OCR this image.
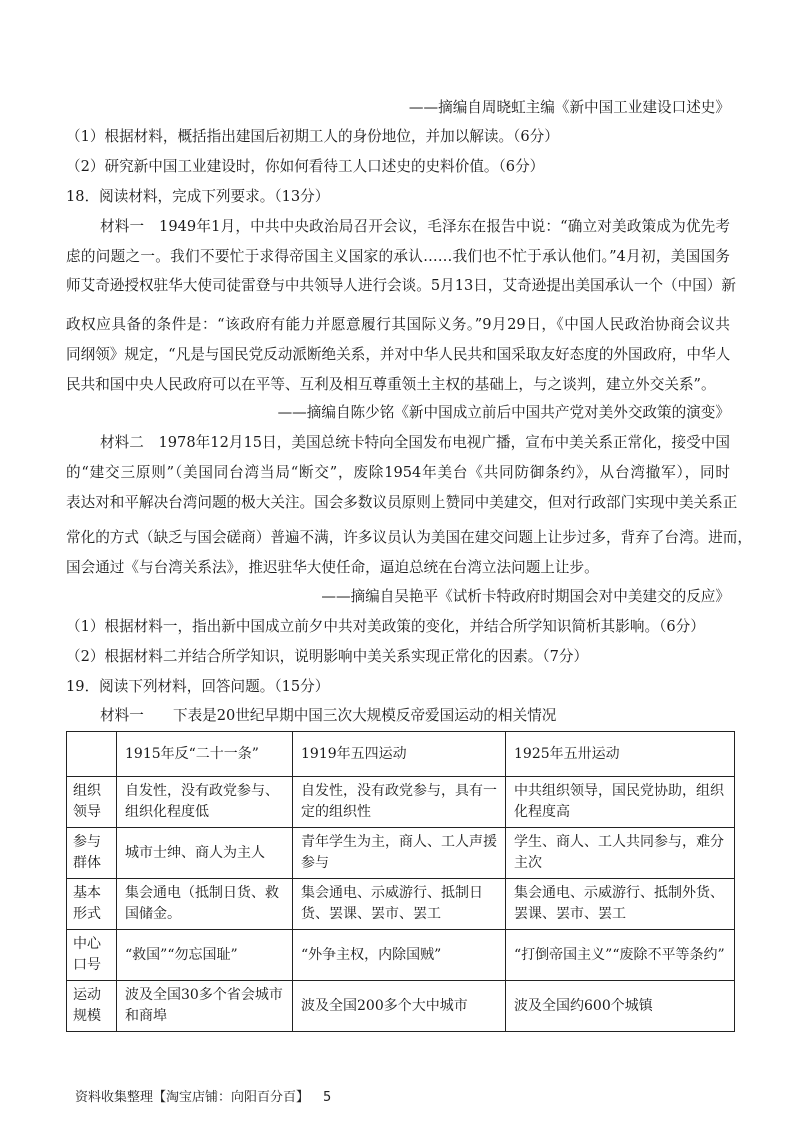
——摘编自周晓虹主编《新中国工业建设口述史》
（1）根据材料，概括指出建国后初期工人的身份地位，并加以解读。（6分）
（2）研究新中国工业建设时，你如何看待工人口述史的史料价值。（6分）
18．阅读材料，完成下列要求。（13分）
材料一　1949年1月，中共中央政治局召开会议，毛泽东在报告中说：“确立对美政策成为优先考
虑的问题之一。我们不要忙于求得帝国主义国家的承认……我们也不忙于承认他们。”4月初，美国国务
师艾奇逊授权驻华大使司徒雷登与中共领导人进行会谈。5月13日，艾奇逊提出美国承认一个（中国）新
政权应具备的条件是：“该政府有能力并愿意履行其国际义务。”9月29日，《中国人民政治协商会议共
同纲领》规定，“凡是与国民党反动派断绝关系，并对中华人民共和国采取友好态度的外国政府，中华人
民共和国中央人民政府可以在平等、互利及相互尊重领土主权的基础上，与之谈判，建立外交关系”。
——摘编自陈少铭《新中国成立前后中国共产党对美外交政策的演变》
材料二　1978年12月15日，美国总统卡特向全国发布电视广播，宣布中美关系正常化，接受中国
的“建交三原则”（美国同台湾当局“断交”，废除1954年美台《共同防御条约》，从台湾撤军），同时
表达对和平解决台湾问题的极大关注。国会多数议员原则上赞同中美建交，但对行政部门实现中美关系正
常化的方式（缺乏与国会磋商）普遍不满，许多议员认为美国在建交问题上让步过多，背弃了台湾。进而，
国会通过《与台湾关系法》，推迟驻华大使任命，逼迫总统在台湾立法问题上让步。
——摘编自吴艳平《试析卡特政府时期国会对中美建交的反应》
（1）根据材料一，指出新中国成立前夕中共对美政策的变化，并结合所学知识简析其影响。（6分）
（2）根据材料二并结合所学知识，说明影响中美关系实现正常化的因素。（7分）
19．阅读下列材料，回答问题。（15分）
材料一　　下表是20世纪早期中国三次大规模反帝爱国运动的相关情况
	1915年反“二十一条”	1919年五四运动	1925年五卅运动
组织领导	自发性，没有政党参与、组织化程度低	自发性，没有政党参与，具有一定的组织性	中共组织领导，国民党协助，组织化程度高
参与群体	城市士绅、商人为主人	青年学生为主，商人、工人声援参与	学生、商人、工人共同参与，难分主次
基本形式	集会通电（抵制日货、救国储金。	集会通电、示威游行、抵制日货、罢课、罢市、罢工	集会通电、示威游行、抵制外货、罢课、罢市、罢工
中心口号	“救国”“勿忘国耻”	“外争主权，内除国贼”	“打倒帝国主义”“废除不平等条约”
运动规模	波及全国30多个省会城市和商埠	波及全国200多个大中城市	波及全国约600个城镇
资料收集整理【淘宝店铺：向阳百分百】 5
